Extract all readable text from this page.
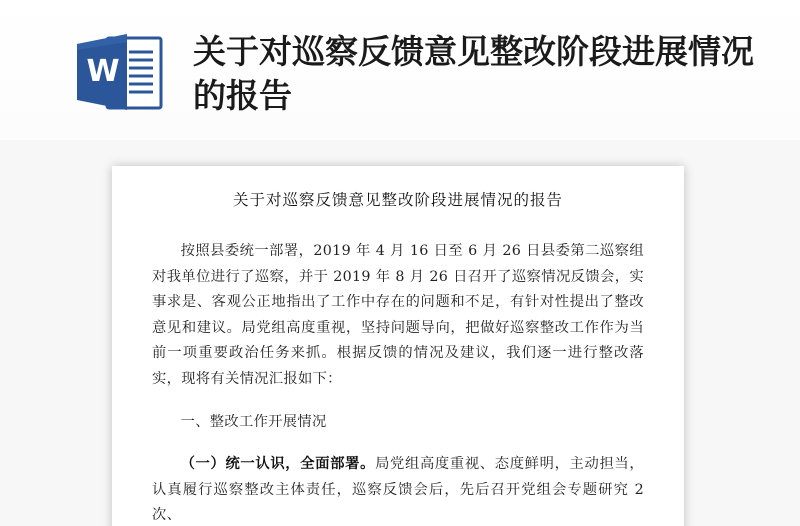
W
关于对巡察反馈意见整改阶段进展情况的报告
关于对巡察反馈意见整改阶段进展情况的报告

按照县委统一部署，2019 年 4 月 16 日至 6 月 26 日县委第二巡察组对我单位进行了巡察，并于 2019 年 8 月 26 日召开了巡察情况反馈会，实事求是、客观公正地指出了工作中存在的问题和不足，有针对性提出了整改意见和建议。局党组高度重视，坚持问题导向，把做好巡察整改工作作为当前一项重要政治任务来抓。根据反馈的情况及建议，我们逐一进行整改落实，现将有关情况汇报如下：

一、整改工作开展情况

（一）统一认识，全面部署。局党组高度重视、态度鲜明，主动担当，认真履行巡察整改主体责任，巡察反馈会后，先后召开党组会专题研究 2 次、
